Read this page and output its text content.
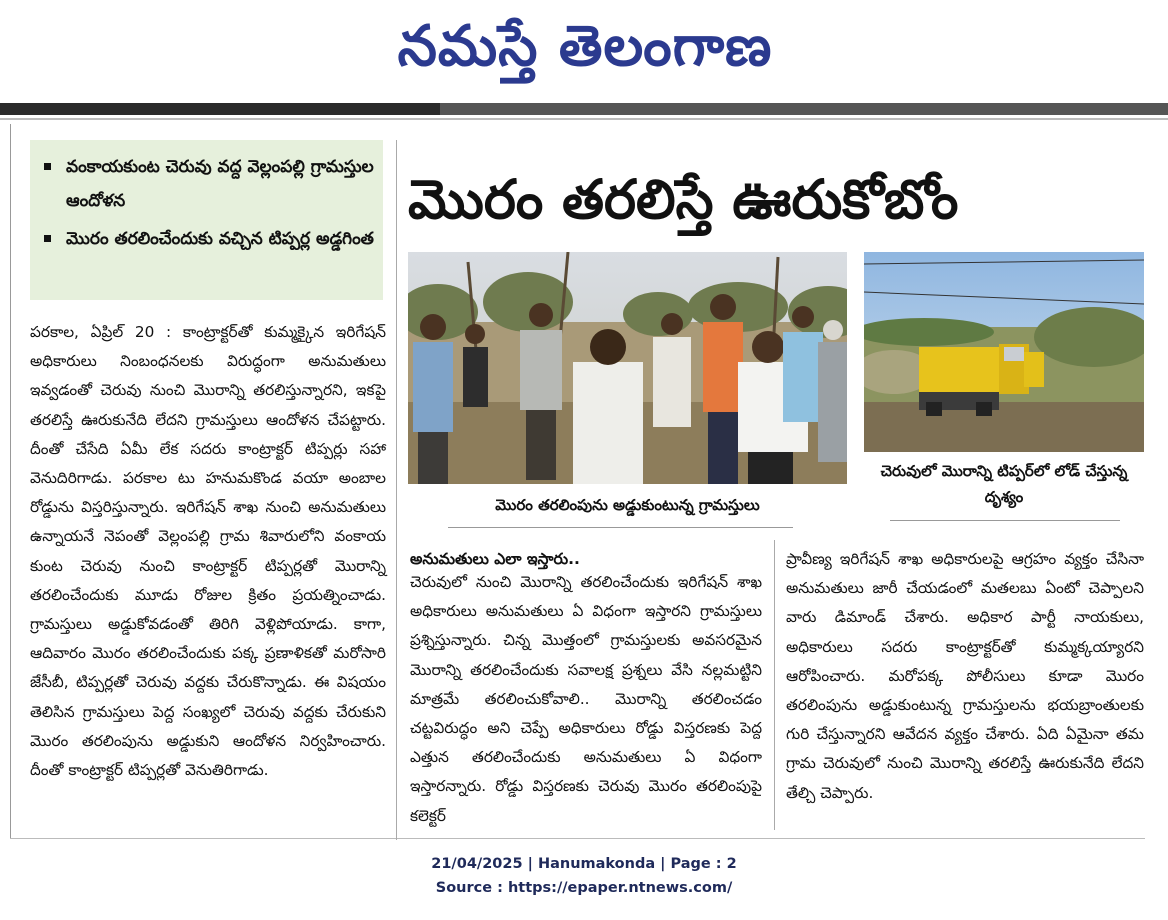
నమస్తే తెలంగాణ
వంకాయకుంట చెరువు వద్ద వెల్లంపల్లి గ్రామస్తుల ఆందోళన
మొరం తరలించేందుకు వచ్చిన టిప్పర్ల అడ్డగింత
మొరం తరలిస్తే ఊరుకోబోం
మొరం తరలింపును అడ్డుకుంటున్న గ్రామస్తులు
చెరువులో మొరాన్ని టిప్పర్‌లో లోడ్ చేస్తున్న దృశ్యం
పరకాల, ఏప్రిల్ 20 : కాంట్రాక్టర్‌తో కుమ్మక్కైన ఇరిగేషన్ అధికారులు నింబంధనలకు విరుద్ధంగా అనుమతులు ఇవ్వడంతో చెరువు నుంచి మొరాన్ని తరలిస్తున్నారని, ఇకపై తరలిస్తే ఊరుకునేది లేదని గ్రామస్తులు ఆందోళన చేపట్టారు. దీంతో చేసేది ఏమీ లేక సదరు కాంట్రాక్టర్ టిప్పర్లు సహా వెనుదిరిగాడు. పరకాల టు హనుమకొండ వయా అంబాల రోడ్డును విస్తరిస్తున్నారు. ఇరిగేషన్ శాఖ నుంచి అనుమతులు ఉన్నాయనే నెపంతో వెల్లంపల్లి గ్రామ శివారులోని వంకాయ కుంట చెరువు నుంచి కాంట్రాక్టర్ టిప్పర్లతో మొరాన్ని తరలించేందుకు మూడు రోజుల క్రితం ప్రయత్నించాడు. గ్రామస్తులు అడ్డుకోవడంతో తిరిగి వెళ్లిపోయాడు. కాగా, ఆదివారం మొరం తరలించేందుకు పక్క ప్రణాళికతో మరోసారి జేసీబీ, టిప్పర్లతో చెరువు వద్దకు చేరుకొన్నాడు. ఈ విషయం తెలిసిన గ్రామస్తులు పెద్ద సంఖ్యలో చెరువు వద్దకు చేరుకుని మొరం తరలింపును అడ్డుకుని ఆందోళన నిర్వహించారు. దీంతో కాంట్రాక్టర్ టిప్పర్లతో వెనుతిరిగాడు.
అనుమతులు ఎలా ఇస్తారు..
చెరువులో నుంచి మొరాన్ని తరలించేందుకు ఇరిగేషన్ శాఖ అధికారులు అనుమతులు ఏ విధంగా ఇస్తారని గ్రామస్తులు ప్రశ్నిస్తున్నారు. చిన్న మొత్తంలో గ్రామస్తులకు అవసరమైన మొరాన్ని తరలించేందుకు సవాలక్ష ప్రశ్నలు వేసి నల్లమట్టిని మాత్రమే తరలించుకోవాలి.. మొరాన్ని తరలించడం చట్టవిరుద్ధం అని చెప్పే అధికారులు రోడ్డు విస్తరణకు పెద్ద ఎత్తున తరలించేందుకు అనుమతులు ఏ విధంగా ఇస్తారన్నారు. రోడ్డు విస్తరణకు చెరువు మొరం తరలింపుపై కలెక్టర్
ప్రావీణ్య ఇరిగేషన్ శాఖ అధికారులపై ఆగ్రహం వ్యక్తం చేసినా అనుమతులు జారీ చేయడంలో మతలబు ఏంటో చెప్పాలని వారు డిమాండ్ చేశారు. అధికార పార్టీ నాయకులు, అధికారులు సదరు కాంట్రాక్టర్‌తో కుమ్మక్కయ్యారని ఆరోపించారు. మరోపక్క పోలీసులు కూడా మొరం తరలింపును అడ్డుకుంటున్న గ్రామస్తులను భయబ్రాంతులకు గురి చేస్తున్నారని ఆవేదన వ్యక్తం చేశారు. ఏది ఏమైనా తమ గ్రామ చెరువులో నుంచి మొరాన్ని తరలిస్తే ఊరుకునేది లేదని తేల్చి చెప్పారు.
21/04/2025 | Hanumakonda | Page : 2
Source : https://epaper.ntnews.com/
